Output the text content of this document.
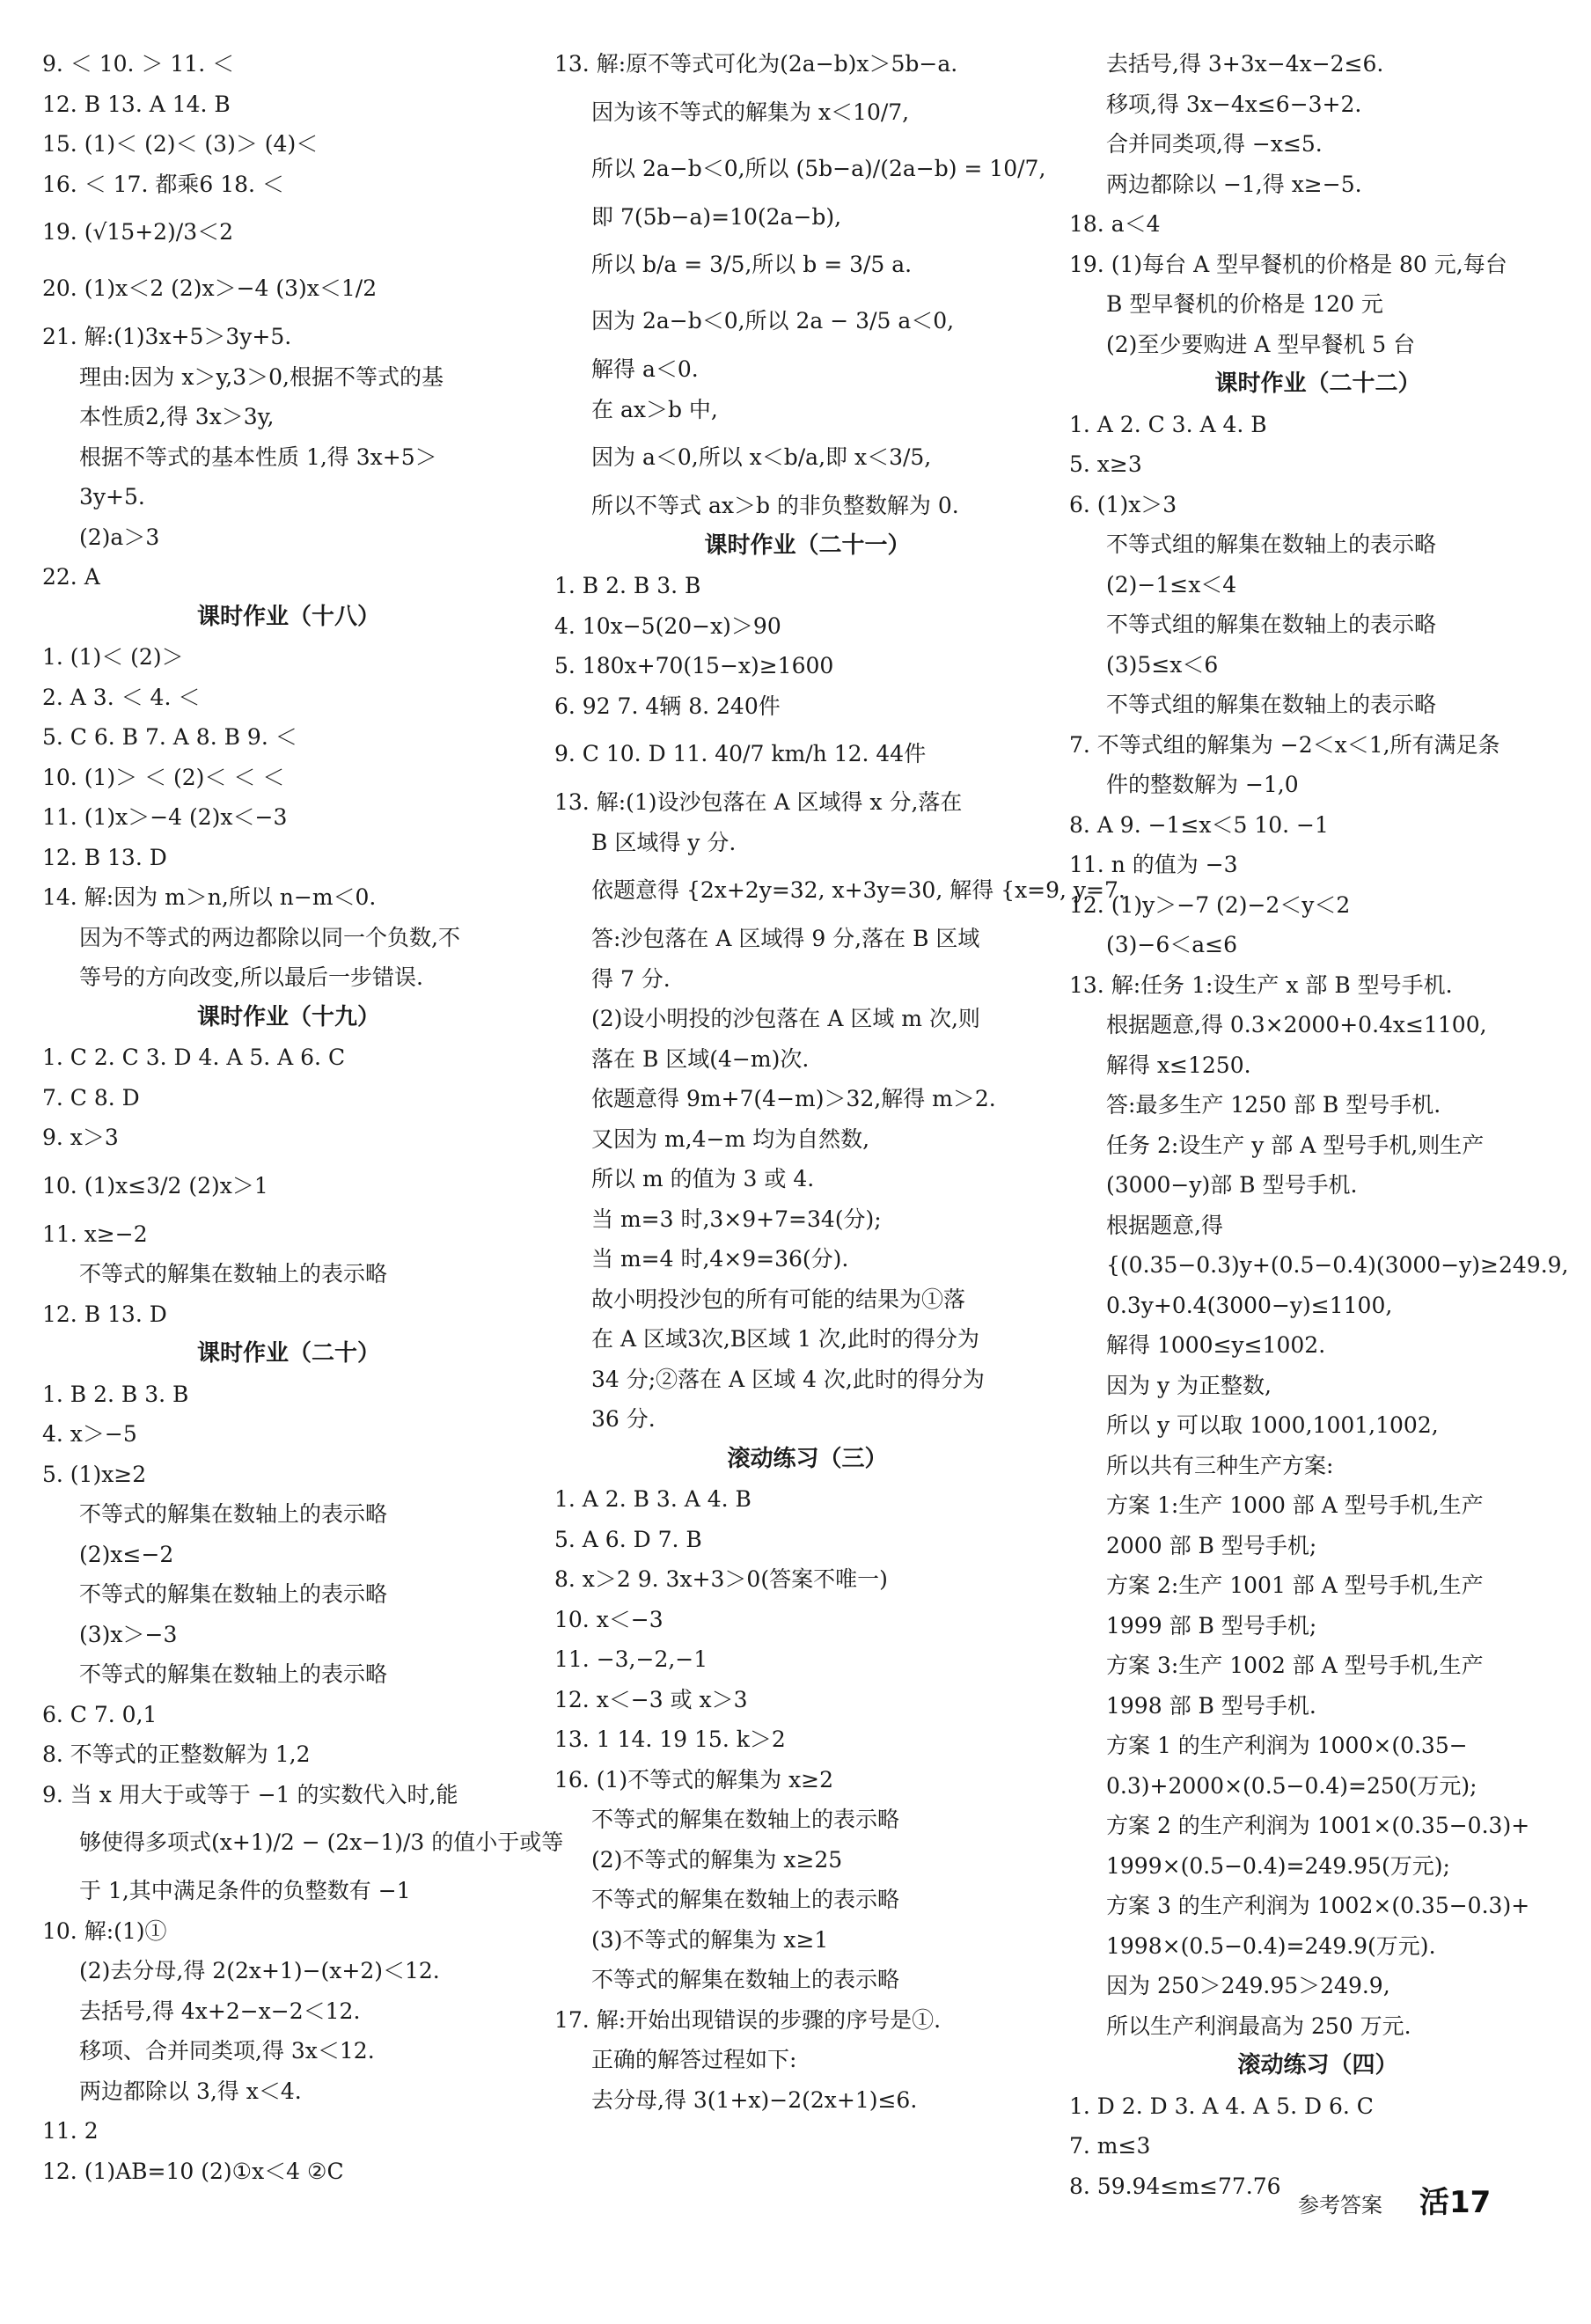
9. ＜ 10. ＞ 11. ＜
12. B 13. A 14. B
15. (1)＜ (2)＜ (3)＞ (4)＜
16. ＜ 17. 都乘6 18. ＜
19. (√15+2)/3＜2
20. (1)x＜2 (2)x＞−4 (3)x＜1/2
21. 解:(1)3x+5＞3y+5.
理由:因为 x＞y,3＞0,根据不等式的基
本性质2,得 3x＞3y,
根据不等式的基本性质 1,得 3x+5＞
3y+5.
(2)a＞3
22. A
课时作业（十八）
1. (1)＜ (2)＞
2. A 3. ＜ 4. ＜
5. C 6. B 7. A 8. B 9. ＜
10. (1)＞ ＜ (2)＜ ＜ ＜
11. (1)x＞−4 (2)x＜−3
12. B 13. D
14. 解:因为 m＞n,所以 n−m＜0.
因为不等式的两边都除以同一个负数,不
等号的方向改变,所以最后一步错误.
课时作业（十九）
1. C 2. C 3. D 4. A 5. A 6. C
7. C 8. D
9. x＞3
10. (1)x≤3/2 (2)x＞1
11. x≥−2
不等式的解集在数轴上的表示略
12. B 13. D
课时作业（二十）
1. B 2. B 3. B
4. x＞−5
5. (1)x≥2
不等式的解集在数轴上的表示略
(2)x≤−2
不等式的解集在数轴上的表示略
(3)x＞−3
不等式的解集在数轴上的表示略
6. C 7. 0,1
8. 不等式的正整数解为 1,2
9. 当 x 用大于或等于 −1 的实数代入时,能
够使得多项式(x+1)/2 − (2x−1)/3 的值小于或等
于 1,其中满足条件的负整数有 −1
10. 解:(1)①
(2)去分母,得 2(2x+1)−(x+2)＜12.
去括号,得 4x+2−x−2＜12.
移项、合并同类项,得 3x＜12.
两边都除以 3,得 x＜4.
11. 2
12. (1)AB=10 (2)①x＜4 ②C
13. 解:原不等式可化为(2a−b)x＞5b−a.
因为该不等式的解集为 x＜10/7,
所以 2a−b＜0,所以 (5b−a)/(2a−b) = 10/7,
即 7(5b−a)=10(2a−b),
所以 b/a = 3/5,所以 b = 3/5 a.
因为 2a−b＜0,所以 2a − 3/5 a＜0,
解得 a＜0.
在 ax＞b 中,
因为 a＜0,所以 x＜b/a,即 x＜3/5,
所以不等式 ax＞b 的非负整数解为 0.
课时作业（二十一）
1. B 2. B 3. B
4. 10x−5(20−x)＞90
5. 180x+70(15−x)≥1600
6. 92 7. 4辆 8. 240件
9. C 10. D 11. 40/7 km/h 12. 44件
13. 解:(1)设沙包落在 A 区域得 x 分,落在
B 区域得 y 分.
依题意得 {2x+2y=32, x+3y=30, 解得 {x=9, y=7.
答:沙包落在 A 区域得 9 分,落在 B 区域
得 7 分.
(2)设小明投的沙包落在 A 区域 m 次,则
落在 B 区域(4−m)次.
依题意得 9m+7(4−m)＞32,解得 m＞2.
又因为 m,4−m 均为自然数,
所以 m 的值为 3 或 4.
当 m=3 时,3×9+7=34(分);
当 m=4 时,4×9=36(分).
故小明投沙包的所有可能的结果为①落
在 A 区域3次,B区域 1 次,此时的得分为
34 分;②落在 A 区域 4 次,此时的得分为
36 分.
滚动练习（三）
1. A 2. B 3. A 4. B
5. A 6. D 7. B
8. x＞2 9. 3x+3＞0(答案不唯一)
10. x＜−3
11. −3,−2,−1
12. x＜−3 或 x＞3
13. 1 14. 19 15. k＞2
16. (1)不等式的解集为 x≥2
不等式的解集在数轴上的表示略
(2)不等式的解集为 x≥25
不等式的解集在数轴上的表示略
(3)不等式的解集为 x≥1
不等式的解集在数轴上的表示略
17. 解:开始出现错误的步骤的序号是①.
正确的解答过程如下:
去分母,得 3(1+x)−2(2x+1)≤6.
去括号,得 3+3x−4x−2≤6.
移项,得 3x−4x≤6−3+2.
合并同类项,得 −x≤5.
两边都除以 −1,得 x≥−5.
18. a＜4
19. (1)每台 A 型早餐机的价格是 80 元,每台
B 型早餐机的价格是 120 元
(2)至少要购进 A 型早餐机 5 台
课时作业（二十二）
1. A 2. C 3. A 4. B
5. x≥3
6. (1)x＞3
不等式组的解集在数轴上的表示略
(2)−1≤x＜4
不等式组的解集在数轴上的表示略
(3)5≤x＜6
不等式组的解集在数轴上的表示略
7. 不等式组的解集为 −2＜x＜1,所有满足条
件的整数解为 −1,0
8. A 9. −1≤x＜5 10. −1
11. n 的值为 −3
12. (1)y＞−7 (2)−2＜y＜2
(3)−6＜a≤6
13. 解:任务 1:设生产 x 部 B 型号手机.
根据题意,得 0.3×2000+0.4x≤1100,
解得 x≤1250.
答:最多生产 1250 部 B 型号手机.
任务 2:设生产 y 部 A 型号手机,则生产
(3000−y)部 B 型号手机.
根据题意,得
{(0.35−0.3)y+(0.5−0.4)(3000−y)≥249.9,
0.3y+0.4(3000−y)≤1100,
解得 1000≤y≤1002.
因为 y 为正整数,
所以 y 可以取 1000,1001,1002,
所以共有三种生产方案:
方案 1:生产 1000 部 A 型号手机,生产
2000 部 B 型号手机;
方案 2:生产 1001 部 A 型号手机,生产
1999 部 B 型号手机;
方案 3:生产 1002 部 A 型号手机,生产
1998 部 B 型号手机.
方案 1 的生产利润为 1000×(0.35−
0.3)+2000×(0.5−0.4)=250(万元);
方案 2 的生产利润为 1001×(0.35−0.3)+
1999×(0.5−0.4)=249.95(万元);
方案 3 的生产利润为 1002×(0.35−0.3)+
1998×(0.5−0.4)=249.9(万元).
因为 250＞249.95＞249.9,
所以生产利润最高为 250 万元.
滚动练习（四）
1. D 2. D 3. A 4. A 5. D 6. C
7. m≤3
8. 59.94≤m≤77.76
参考答案 活17
